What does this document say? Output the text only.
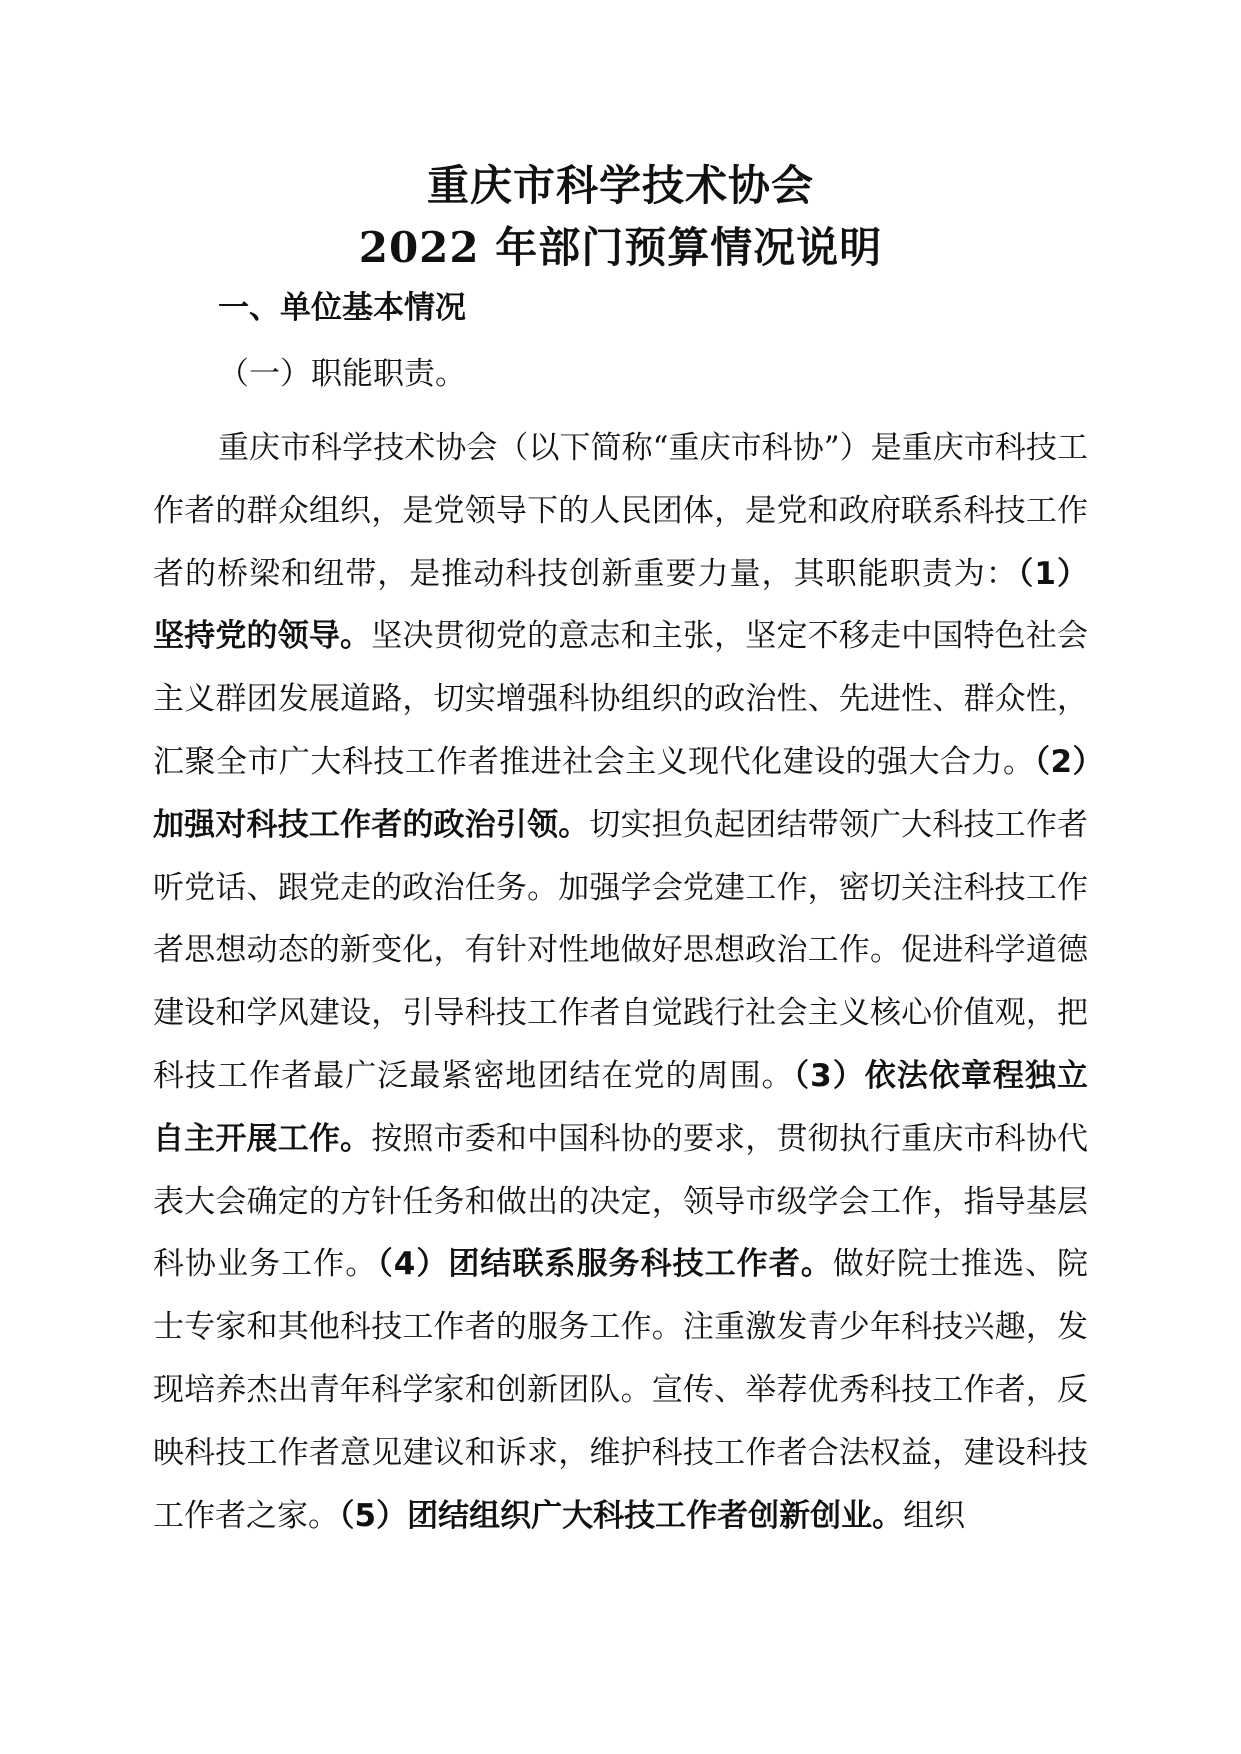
重庆市科学技术协会
2022 年部门预算情况说明
一、单位基本情况
（一）职能职责。

重庆市科学技术协会（以下简称“重庆市科协”）是重庆市科技工作者的群众组织，是党领导下的人民团体，是党和政府联系科技工作者的桥梁和纽带，是推动科技创新重要力量，其职能职责为：（1）坚持党的领导。坚决贯彻党的意志和主张，坚定不移走中国特色社会主义群团发展道路，切实增强科协组织的政治性、先进性、群众性，汇聚全市广大科技工作者推进社会主义现代化建设的强大合力。（2）加强对科技工作者的政治引领。切实担负起团结带领广大科技工作者听党话、跟党走的政治任务。加强学会党建工作，密切关注科技工作者思想动态的新变化，有针对性地做好思想政治工作。促进科学道德建设和学风建设，引导科技工作者自觉践行社会主义核心价值观，把科技工作者最广泛最紧密地团结在党的周围。（3）依法依章程独立自主开展工作。按照市委和中国科协的要求，贯彻执行重庆市科协代表大会确定的方针任务和做出的决定，领导市级学会工作，指导基层科协业务工作。（4）团结联系服务科技工作者。做好院士推选、院士专家和其他科技工作者的服务工作。注重激发青少年科技兴趣，发现培养杰出青年科学家和创新团队。宣传、举荐优秀科技工作者，反映科技工作者意见建议和诉求，维护科技工作者合法权益，建设科技工作者之家。（5）团结组织广大科技工作者创新创业。组织
